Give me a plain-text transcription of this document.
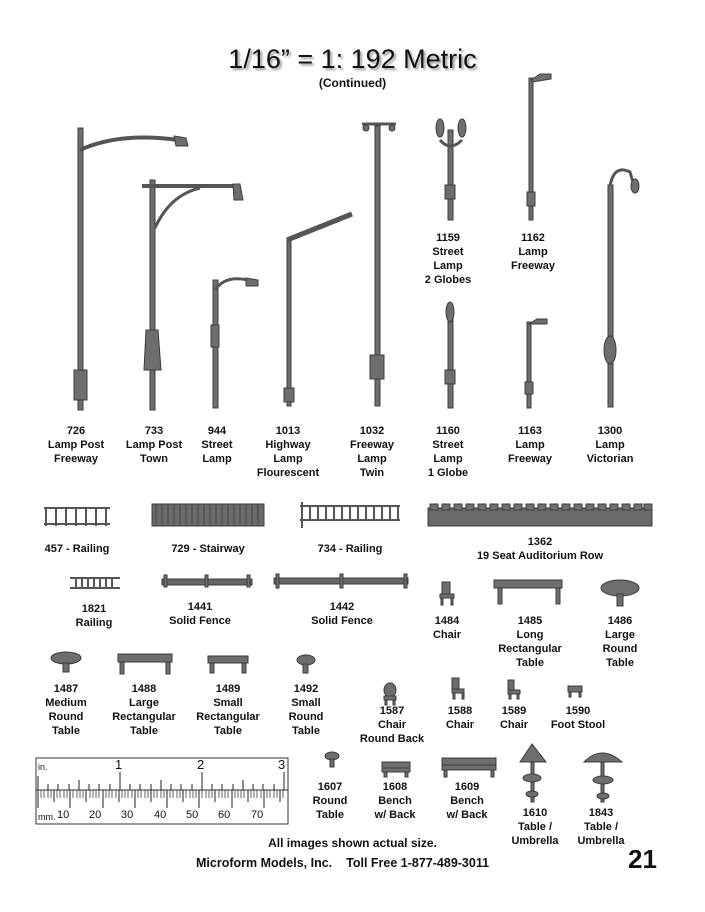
1/16” = 1: 192 Metric
(Continued)
in.	1	2	3
mm. 10 20 30 40 50 60 70
726
Lamp Post
Freeway
733
Lamp Post
Town
944
Street
Lamp
1013
Highway
Lamp
Flourescent
1032
Freeway
Lamp
Twin
1159
Street
Lamp
2 Globes
1162
Lamp
Freeway
1160
Street
Lamp
1 Globe
1163
Lamp
Freeway
1300
Lamp
Victorian
457 - Railing	729 - Stairway	734 - Railing
1362
19 Seat Auditorium Row
1821
Railing
1441
Solid Fence
1442
Solid Fence	1484
Chair
1485
Long
Rectangular
Table
1486
Large
Round
Table
1487
Medium
Round
Table
1488
Large
Rectangular
Table
1489
Small
Rectangular
Table
1492
Small
Round
Table
1587
Chair
Round Back
1588
Chair
1589
Chair
1590
Foot Stool
1607
Round
Table
1608
Bench
w/ Back
1609
Bench
w/ Back	1610
Table /
Umbrella
1843
Table /
Umbrella
All images shown actual size.
Microform Models, Inc. Toll Free 1-877-489-3011	21
